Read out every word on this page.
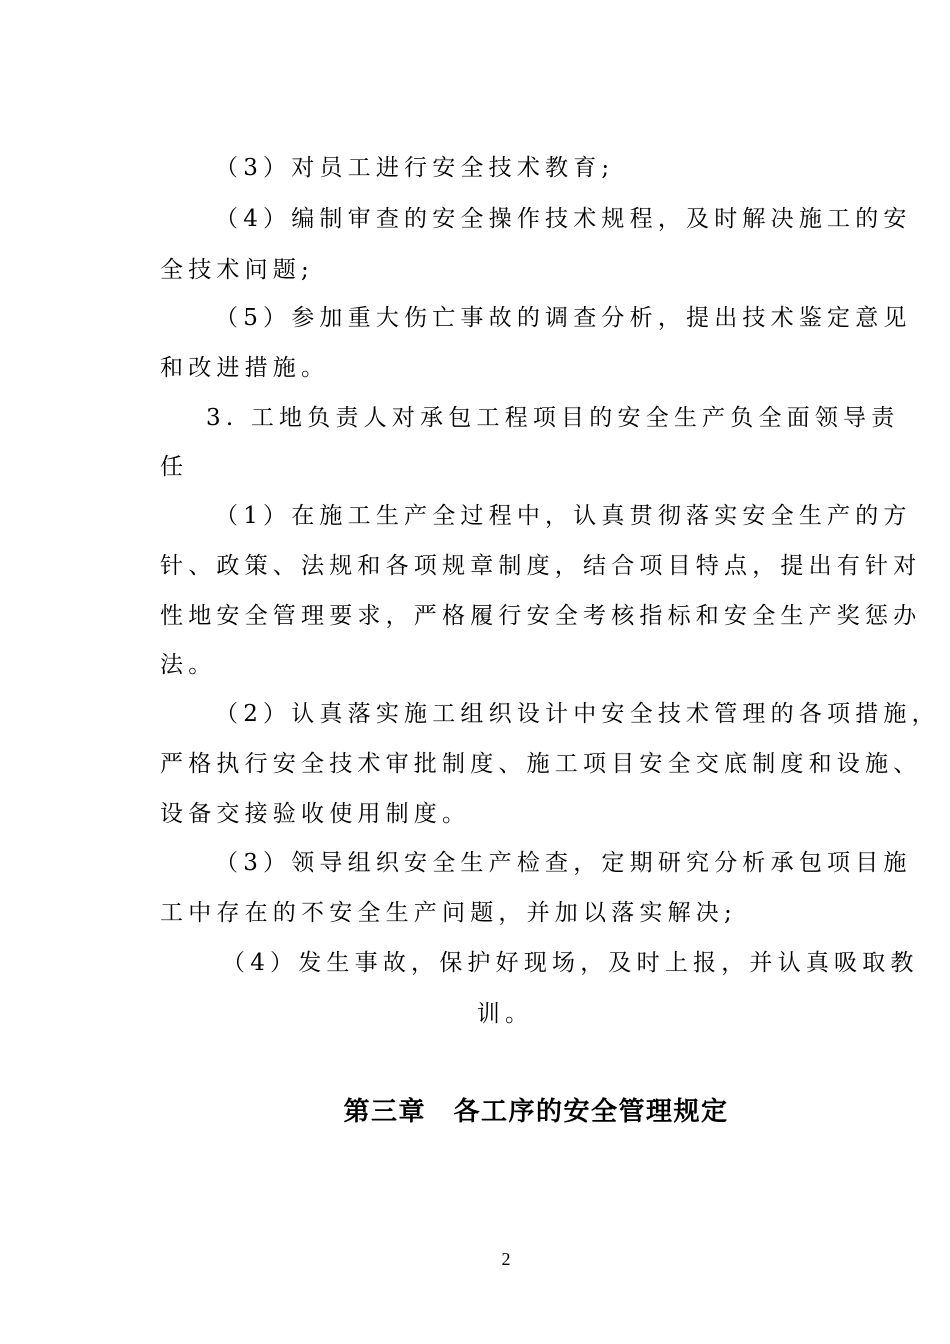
（3）对员工进行安全技术教育;
（4）编制审查的安全操作技术规程，及时解决施工的安
全技术问题;
（5）参加重大伤亡事故的调查分析，提出技术鉴定意见
和改进措施。
3. 工地负责人对承包工程项目的安全生产负全面领导责
任
（1）在施工生产全过程中，认真贯彻落实安全生产的方
针、政策、法规和各项规章制度，结合项目特点，提出有针对
性地安全管理要求，严格履行安全考核指标和安全生产奖惩办
法。
（2）认真落实施工组织设计中安全技术管理的各项措施，
严格执行安全技术审批制度、施工项目安全交底制度和设施、
设备交接验收使用制度。
（3）领导组织安全生产检查，定期研究分析承包项目施
工中存在的不安全生产问题，并加以落实解决;
（4）发生事故，保护好现场，及时上报，并认真吸取教
训。
第三章　各工序的安全管理规定
2
